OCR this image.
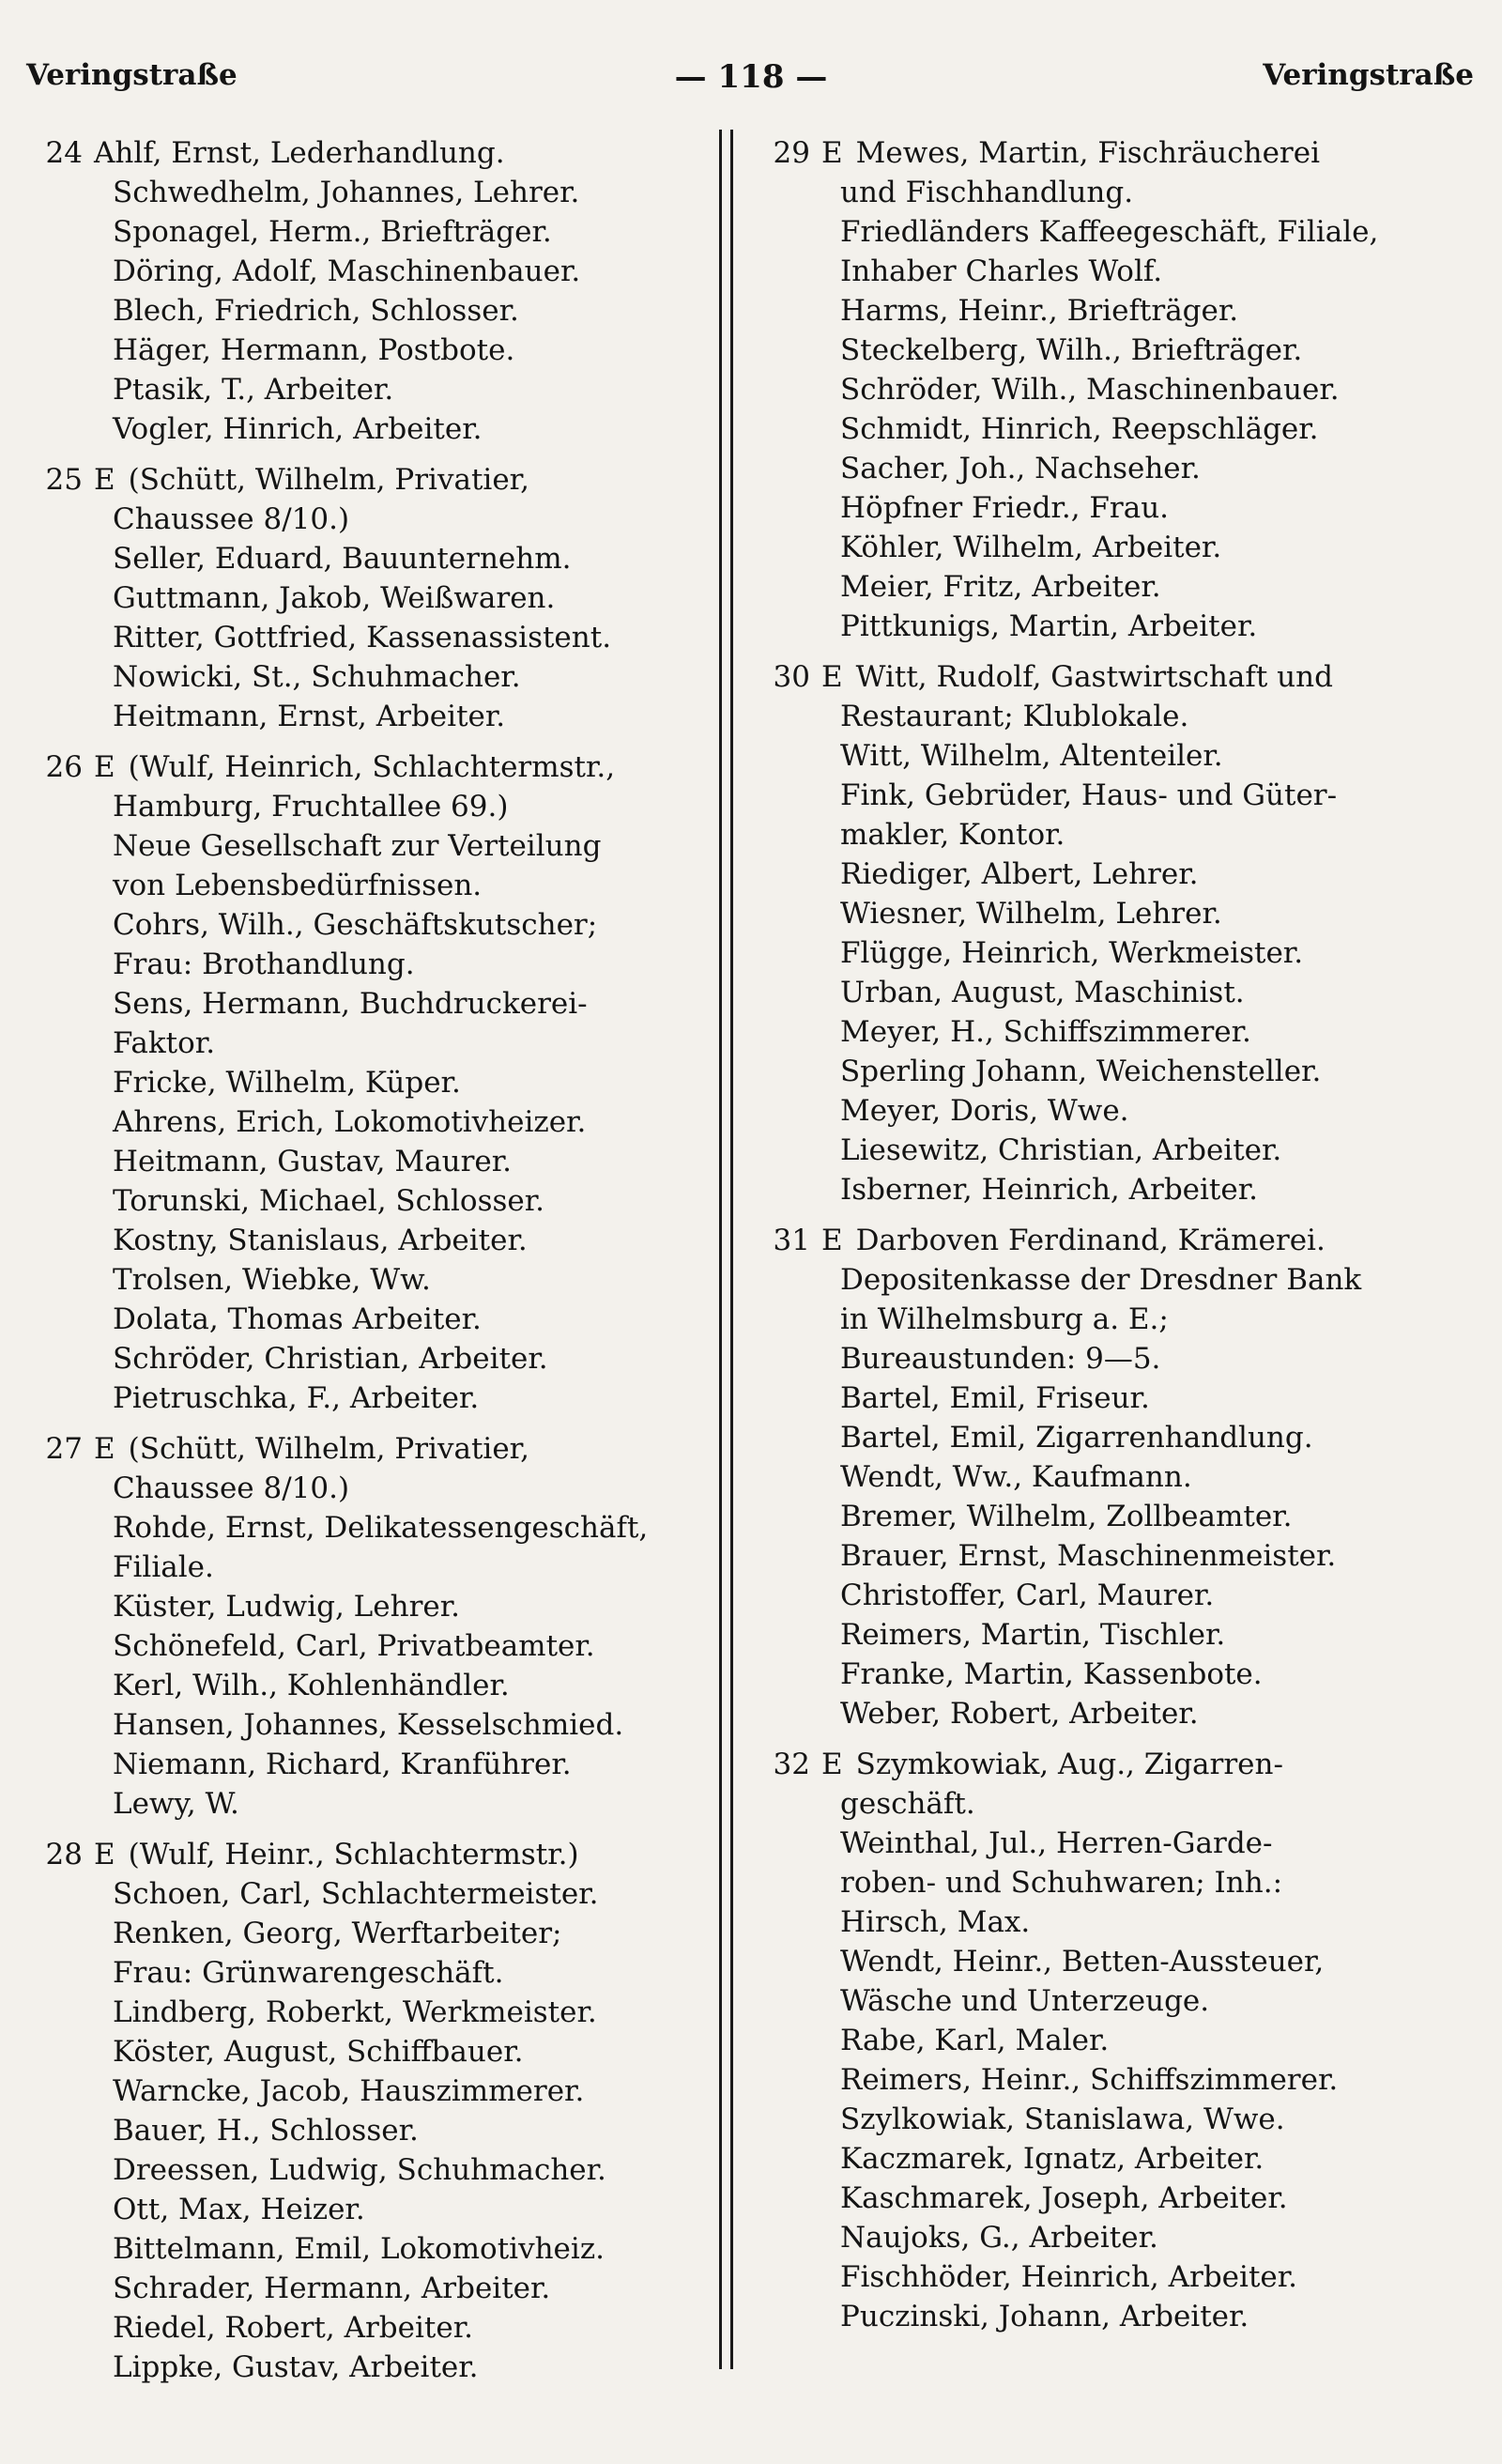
Veringstraße	— 118 —	Veringstraße
24 Ahlf, Ernst, Lederhandlung.
Schwedhelm, Johannes, Lehrer.
Sponagel, Herm., Briefträger.
Döring, Adolf, Maschinenbauer.
Blech, Friedrich, Schlosser.
Häger, Hermann, Postbote.
Ptasik, T., Arbeiter.
Vogler, Hinrich, Arbeiter.
25 E (Schütt, Wilhelm, Privatier,
Chaussee 8/10.)
Seller, Eduard, Bauunternehm.
Guttmann, Jakob, Weißwaren.
Ritter, Gottfried, Kassenassistent.
Nowicki, St., Schuhmacher.
Heitmann, Ernst, Arbeiter.
26 E (Wulf, Heinrich, Schlachtermstr.,
Hamburg, Fruchtallee 69.)
Neue Gesellschaft zur Verteilung
von Lebensbedürfnissen.
Cohrs, Wilh., Geschäftskutscher;
Frau: Brothandlung.
Sens, Hermann, Buchdruckerei-
Faktor.
Fricke, Wilhelm, Küper.
Ahrens, Erich, Lokomotivheizer.
Heitmann, Gustav, Maurer.
Torunski, Michael, Schlosser.
Kostny, Stanislaus, Arbeiter.
Trolsen, Wiebke, Ww.
Dolata, Thomas Arbeiter.
Schröder, Christian, Arbeiter.
Pietruschka, F., Arbeiter.
27 E (Schütt, Wilhelm, Privatier,
Chaussee 8/10.)
Rohde, Ernst, Delikatessengeschäft,
Filiale.
Küster, Ludwig, Lehrer.
Schönefeld, Carl, Privatbeamter.
Kerl, Wilh., Kohlenhändler.
Hansen, Johannes, Kesselschmied.
Niemann, Richard, Kranführer.
Lewy, W.
28 E (Wulf, Heinr., Schlachtermstr.)
Schoen, Carl, Schlachtermeister.
Renken, Georg, Werftarbeiter;
Frau: Grünwarengeschäft.
Lindberg, Roberkt, Werkmeister.
Köster, August, Schiffbauer.
Warncke, Jacob, Hauszimmerer.
Bauer, H., Schlosser.
Dreessen, Ludwig, Schuhmacher.
Ott, Max, Heizer.
Bittelmann, Emil, Lokomotivheiz.
Schrader, Hermann, Arbeiter.
Riedel, Robert, Arbeiter.
Lippke, Gustav, Arbeiter.
29 E Mewes, Martin, Fischräucherei
und Fischhandlung.
Friedländers Kaffeegeschäft, Filiale,
Inhaber Charles Wolf.
Harms, Heinr., Briefträger.
Steckelberg, Wilh., Briefträger.
Schröder, Wilh., Maschinenbauer.
Schmidt, Hinrich, Reepschläger.
Sacher, Joh., Nachseher.
Höpfner Friedr., Frau.
Köhler, Wilhelm, Arbeiter.
Meier, Fritz, Arbeiter.
Pittkunigs, Martin, Arbeiter.
30 E Witt, Rudolf, Gastwirtschaft und
Restaurant; Klublokale.
Witt, Wilhelm, Altenteiler.
Fink, Gebrüder, Haus- und Güter-
makler, Kontor.
Riediger, Albert, Lehrer.
Wiesner, Wilhelm, Lehrer.
Flügge, Heinrich, Werkmeister.
Urban, August, Maschinist.
Meyer, H., Schiffszimmerer.
Sperling Johann, Weichensteller.
Meyer, Doris, Wwe.
Liesewitz, Christian, Arbeiter.
Isberner, Heinrich, Arbeiter.
31 E Darboven Ferdinand, Krämerei.
Depositenkasse der Dresdner Bank
in Wilhelmsburg a. E.;
Bureaustunden: 9—5.
Bartel, Emil, Friseur.
Bartel, Emil, Zigarrenhandlung.
Wendt, Ww., Kaufmann.
Bremer, Wilhelm, Zollbeamter.
Brauer, Ernst, Maschinenmeister.
Christoffer, Carl, Maurer.
Reimers, Martin, Tischler.
Franke, Martin, Kassenbote.
Weber, Robert, Arbeiter.
32 E Szymkowiak, Aug., Zigarren-
geschäft.
Weinthal, Jul., Herren-Garde-
roben- und Schuhwaren; Inh.:
Hirsch, Max.
Wendt, Heinr., Betten-Aussteuer,
Wäsche und Unterzeuge.
Rabe, Karl, Maler.
Reimers, Heinr., Schiffszimmerer.
Szylkowiak, Stanislawa, Wwe.
Kaczmarek, Ignatz, Arbeiter.
Kaschmarek, Joseph, Arbeiter.
Naujoks, G., Arbeiter.
Fischhöder, Heinrich, Arbeiter.
Puczinski, Johann, Arbeiter.
